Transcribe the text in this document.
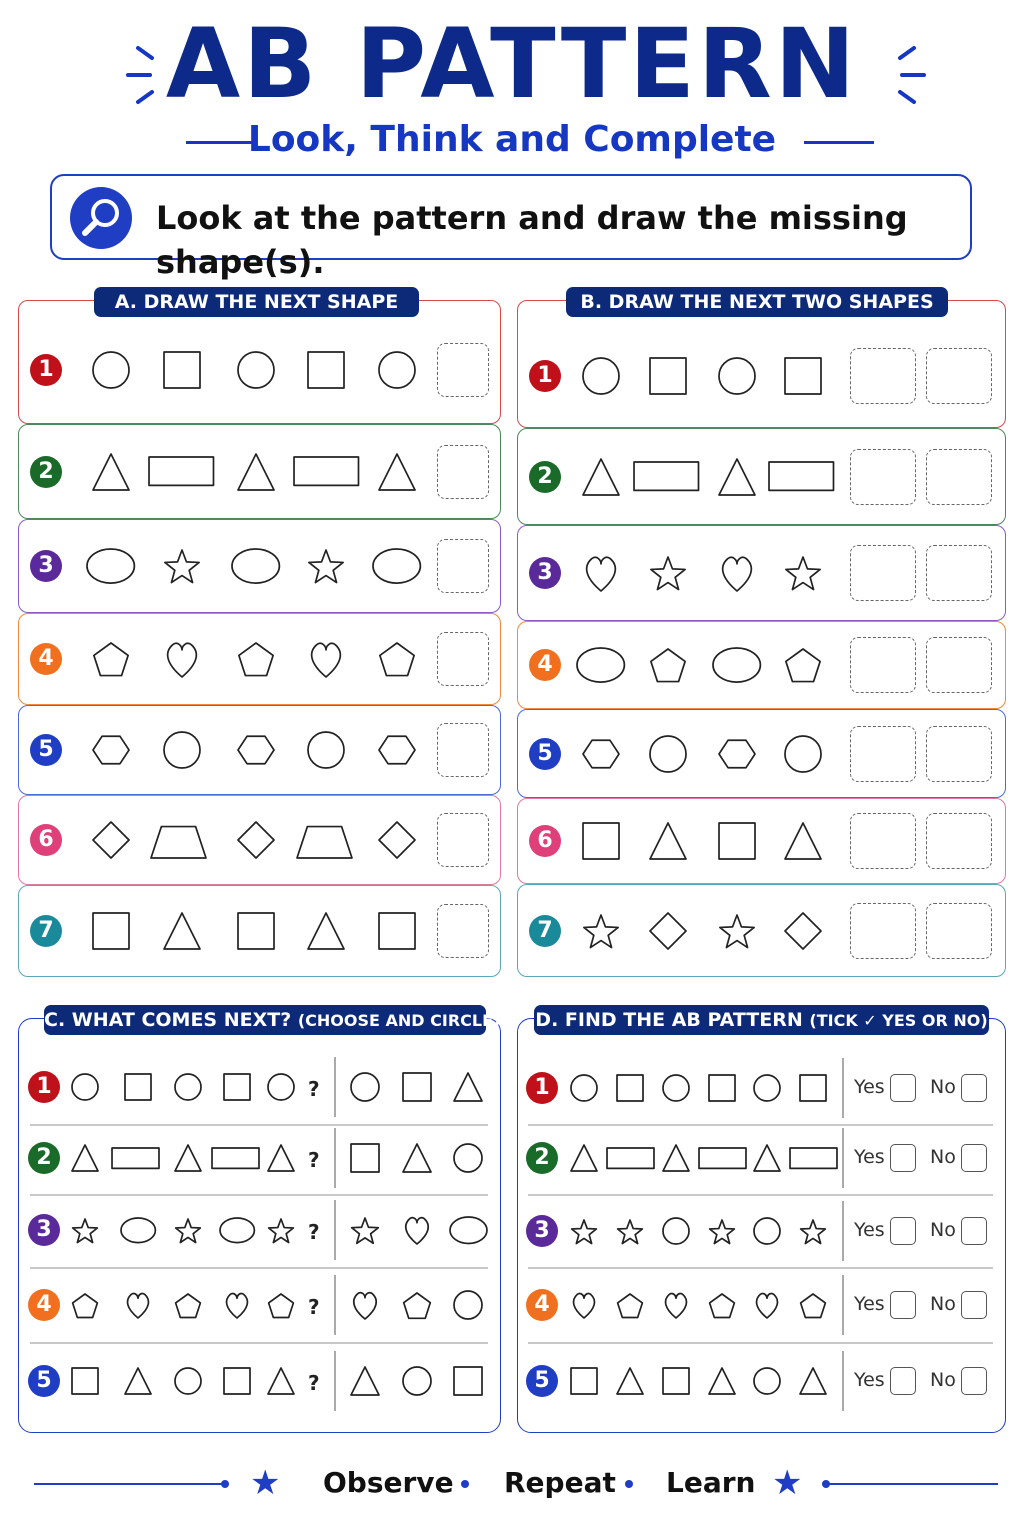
AB PATTERN
Look, Think and Complete
Look at the pattern and draw the missing shape(s).
A. DRAW THE NEXT SHAPE	B. DRAW THE NEXT TWO SHAPES
C. WHAT COMES NEXT? (CHOOSE AND CIRCLE) D. FIND THE AB PATTERN (TICK ✓ YES OR NO)
★ Observe Repeat Learn ★
1
2
3
4
5
6
7
1
2
3
4
5
6
7
1	?
2	?
3	?
4	?
5	?
1	Yes No
2	Yes No
3	Yes No
4	Yes No
5	Yes No
